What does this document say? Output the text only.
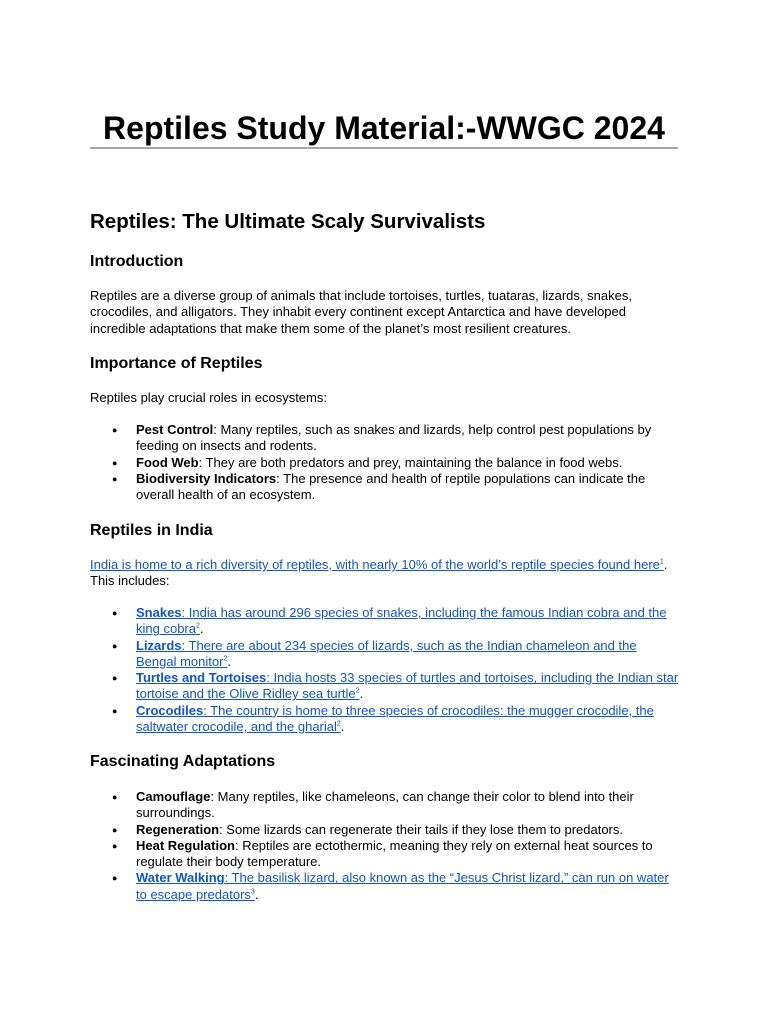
Reptiles Study Material:-WWGC 2024
Reptiles: The Ultimate Scaly Survivalists
Introduction

Reptiles are a diverse group of animals that include tortoises, turtles, tuataras, lizards, snakes, crocodiles, and alligators. They inhabit every continent except Antarctica and have developed incredible adaptations that make them some of the planet’s most resilient creatures.

Importance of Reptiles

Reptiles play crucial roles in ecosystems:

● Pest Control: Many reptiles, such as snakes and lizards, help control pest populations by feeding on insects and rodents.
● Food Web: They are both predators and prey, maintaining the balance in food webs.
● Biodiversity Indicators: The presence and health of reptile populations can indicate the overall health of an ecosystem.
Reptiles in India

India is home to a rich diversity of reptiles, with nearly 10% of the world’s reptile species found here$^1$. This includes:

● Snakes: India has around 296 species of snakes, including the famous Indian cobra and the king cobra$^2$.
● Lizards: There are about 234 species of lizards, such as the Indian chameleon and the Bengal monitor$^2$.
● Turtles and Tortoises: India hosts 33 species of turtles and tortoises, including the Indian star tortoise and the Olive Ridley sea turtle$^2$.
● Crocodiles: The country is home to three species of crocodiles: the mugger crocodile, the saltwater crocodile, and the gharial$^2$.
Fascinating Adaptations
● Camouflage: Many reptiles, like chameleons, can change their color to blend into their surroundings.
● Regeneration: Some lizards can regenerate their tails if they lose them to predators.
● Heat Regulation: Reptiles are ectothermic, meaning they rely on external heat sources to regulate their body temperature.
● Water Walking: The basilisk lizard, also known as the “Jesus Christ lizard,” can run on water to escape predators$^3$.
